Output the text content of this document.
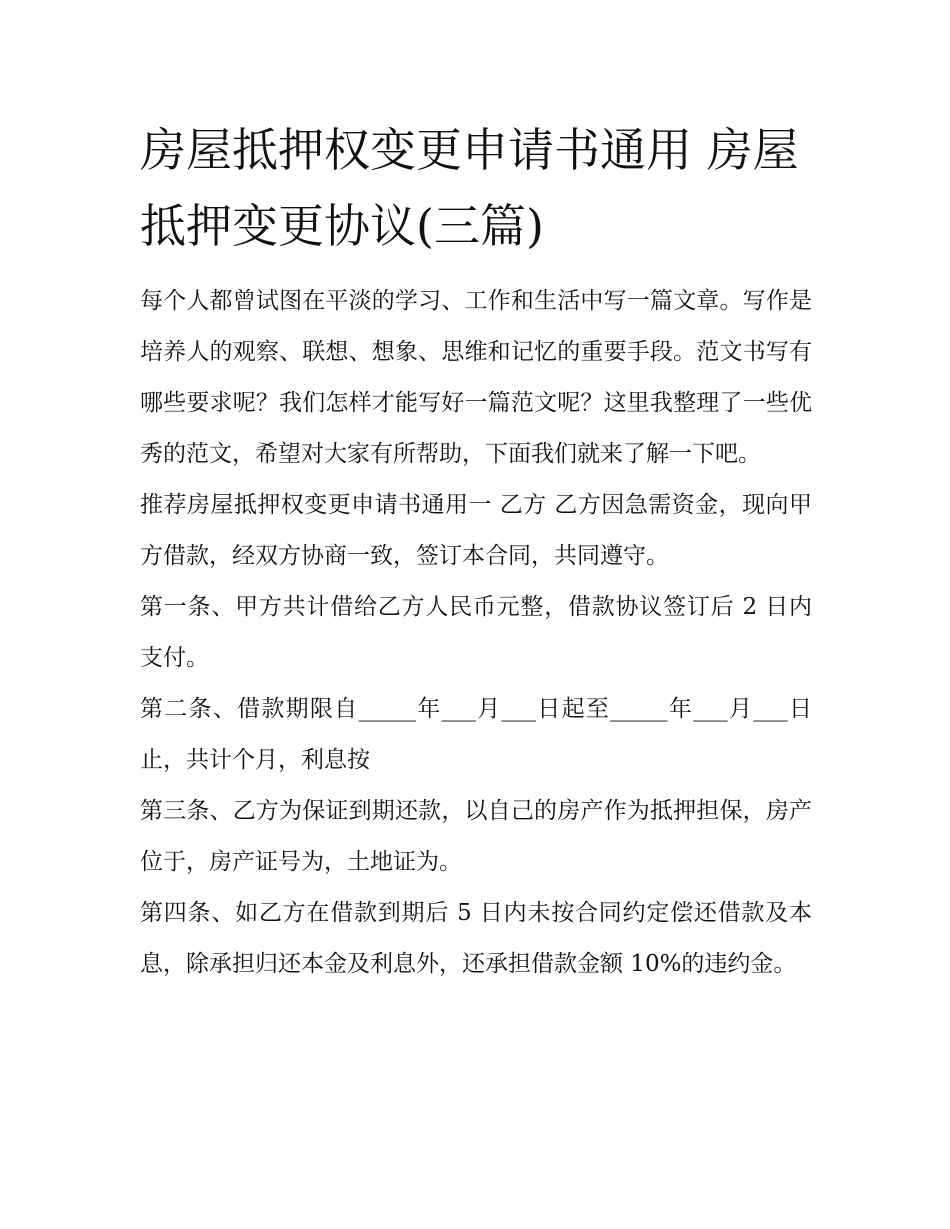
房屋抵押权变更申请书通用 房屋抵押变更协议(三篇)

每个人都曾试图在平淡的学习、工作和生活中写一篇文章。写作是培养人的观察、联想、想象、思维和记忆的重要手段。范文书写有哪些要求呢？我们怎样才能写好一篇范文呢？这里我整理了一些优秀的范文，希望对大家有所帮助，下面我们就来了解一下吧。

推荐房屋抵押权变更申请书通用一 乙方 乙方因急需资金，现向甲方借款，经双方协商一致，签订本合同，共同遵守。

第一条、甲方共计借给乙方人民币元整，借款协议签订后 2 日内支付。

第二条、借款期限自_____年___月___日起至_____年___月___日止，共计个月，利息按

第三条、乙方为保证到期还款，以自己的房产作为抵押担保，房产位于，房产证号为，土地证为。

第四条、如乙方在借款到期后 5 日内未按合同约定偿还借款及本息，除承担归还本金及利息外，还承担借款金额 10%的违约金。
